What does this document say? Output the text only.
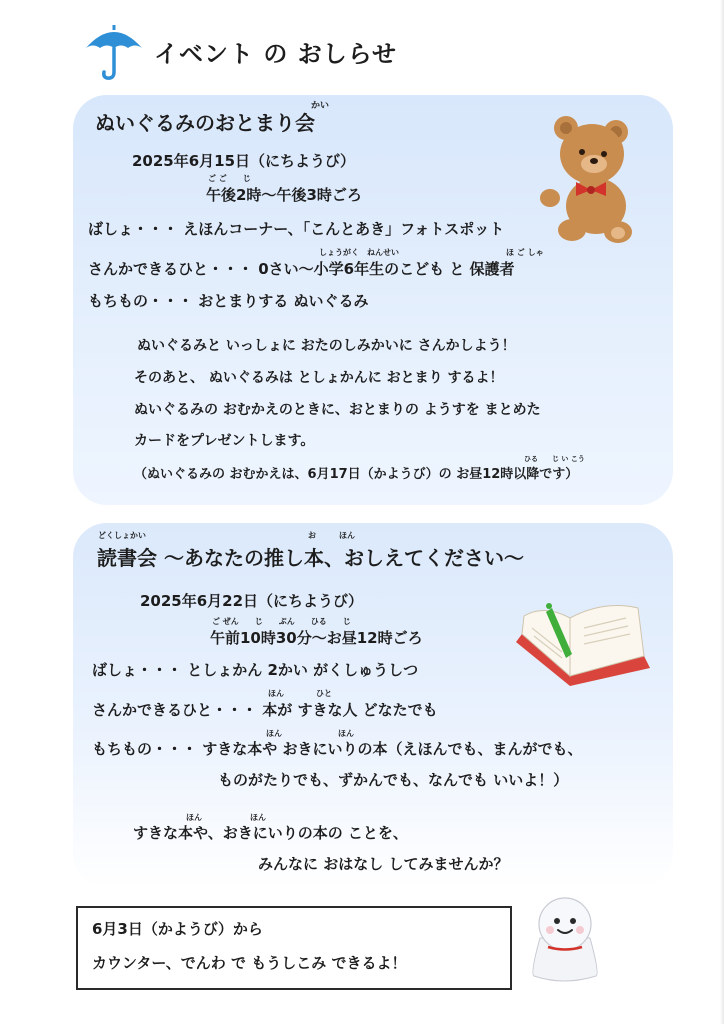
イベント の おしらせ
かい
ぬいぐるみのおとまり会
2025年6月15日（にちようび）
ご ご　　じ
午後2時～午後3時ごろ
ばしょ・・・ えほんコーナー、「こんとあき」フォトスポット
しょうがく　ねんせい	ほ ご しゃ
さんかできるひと・・・ 0さい～小学6年生のこども と 保護者
もちもの・・・ おとまりする ぬいぐるみ
ぬいぐるみと いっしょに おたのしみかいに さんかしよう！
そのあと、 ぬいぐるみは としょかんに おとまり するよ！
ぬいぐるみの おむかえのときに、おとまりの ようすを まとめた
カードをプレゼントします。
ひる　　じ い こう
（ぬいぐるみの おむかえは、6月17日（かようび）の お昼12時以降です）
どくしょかい	お	ほん
読書会 ～あなたの推し本、おしえてください～
2025年6月22日（にちようび）
ご ぜん　　じ　　ぷん　　ひる　　じ
午前10時30分～お昼12時ごろ
ばしょ・・・ としょかん 2かい がくしゅうしつ
ほん　　　　ひと
さんかできるひと・・・ 本が すきな人 どなたでも
ほん　　　　　　　ほん
もちもの・・・ すきな本や おきにいりの本（えほんでも、まんがでも、
ものがたりでも、ずかんでも、なんでも いいよ！）
ほん　　　　　　ほん
すきな本や、おきにいりの本の ことを、
みんなに おはなし してみませんか？
6月3日（かようび）から
カウンター、でんわ で もうしこみ できるよ！
